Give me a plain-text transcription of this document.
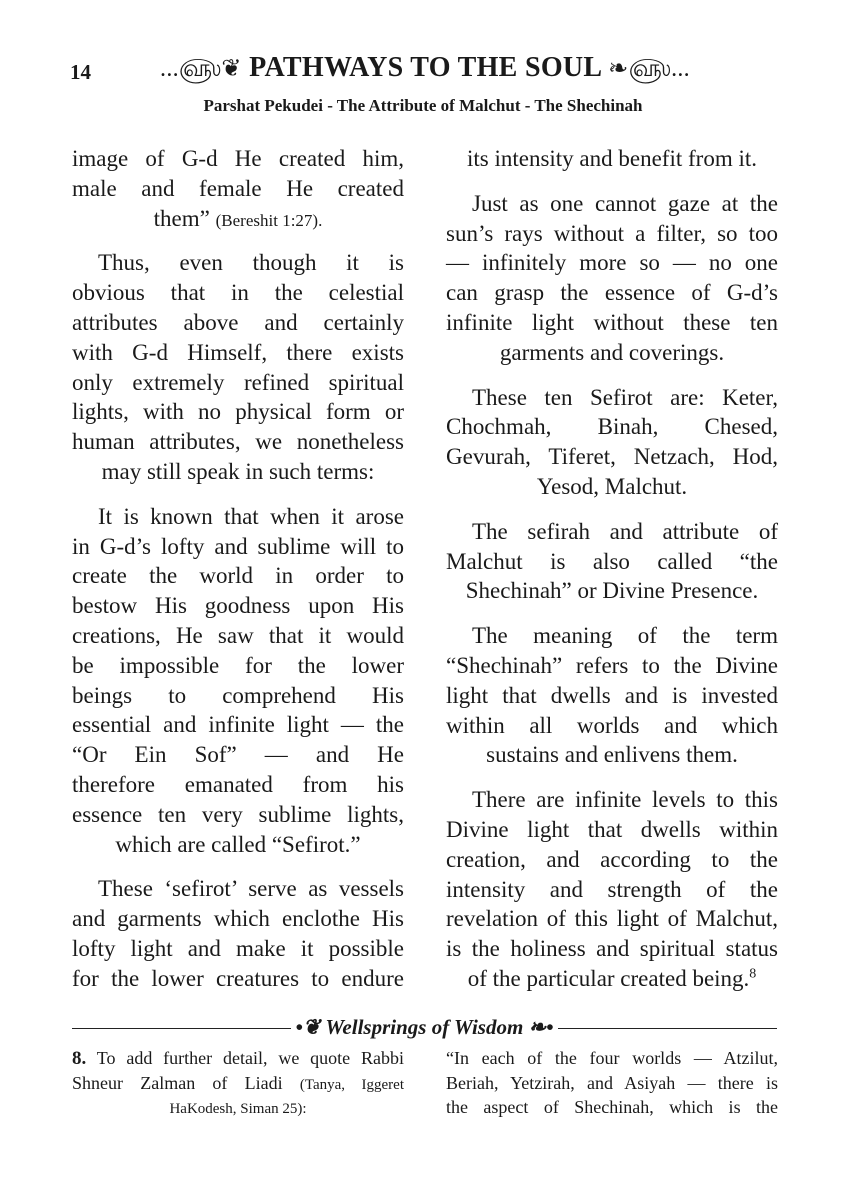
14	...௵❦ PATHWAYS TO THE SOUL ❧௵...
Parshat Pekudei - The Attribute of Malchut - The Shechinah
image of G-d He created him,
male and female He created
them” (Bereshit 1:27).
Thus, even though it is
obvious that in the celestial
attributes above and certainly
with G-d Himself, there exists
only extremely refined spiritual
lights, with no physical form or
human attributes, we nonetheless
may still speak in such terms:
It is known that when it arose
in G-d’s lofty and sublime will to
create the world in order to
bestow His goodness upon His
creations, He saw that it would
be impossible for the lower
beings to comprehend His
essential and infinite light — the
“Or Ein Sof” — and He
therefore emanated from his
essence ten very sublime lights,
which are called “Sefirot.”
These ‘sefirot’ serve as vessels
and garments which enclothe His
lofty light and make it possible
for the lower creatures to endure
its intensity and benefit from it.
Just as one cannot gaze at the
sun’s rays without a filter, so too
— infinitely more so — no one
can grasp the essence of G-d’s
infinite light without these ten
garments and coverings.
These ten Sefirot are: Keter,
Chochmah, Binah, Chesed,
Gevurah, Tiferet, Netzach, Hod,
Yesod, Malchut.
The sefirah and attribute of
Malchut is also called “the
Shechinah” or Divine Presence.
The meaning of the term
“Shechinah” refers to the Divine
light that dwells and is invested
within all worlds and which
sustains and enlivens them.
There are infinite levels to this
Divine light that dwells within
creation, and according to the
intensity and strength of the
revelation of this light of Malchut,
is the holiness and spiritual status
of the particular created being.$^8$
•❦ Wellsprings of Wisdom ❧•
8. To add further detail, we quote Rabbi
Shneur Zalman of Liadi (Tanya, Iggeret
HaKodesh, Siman 25):
“In each of the four worlds — Atzilut,
Beriah, Yetzirah, and Asiyah — there is
the aspect of Shechinah, which is the
